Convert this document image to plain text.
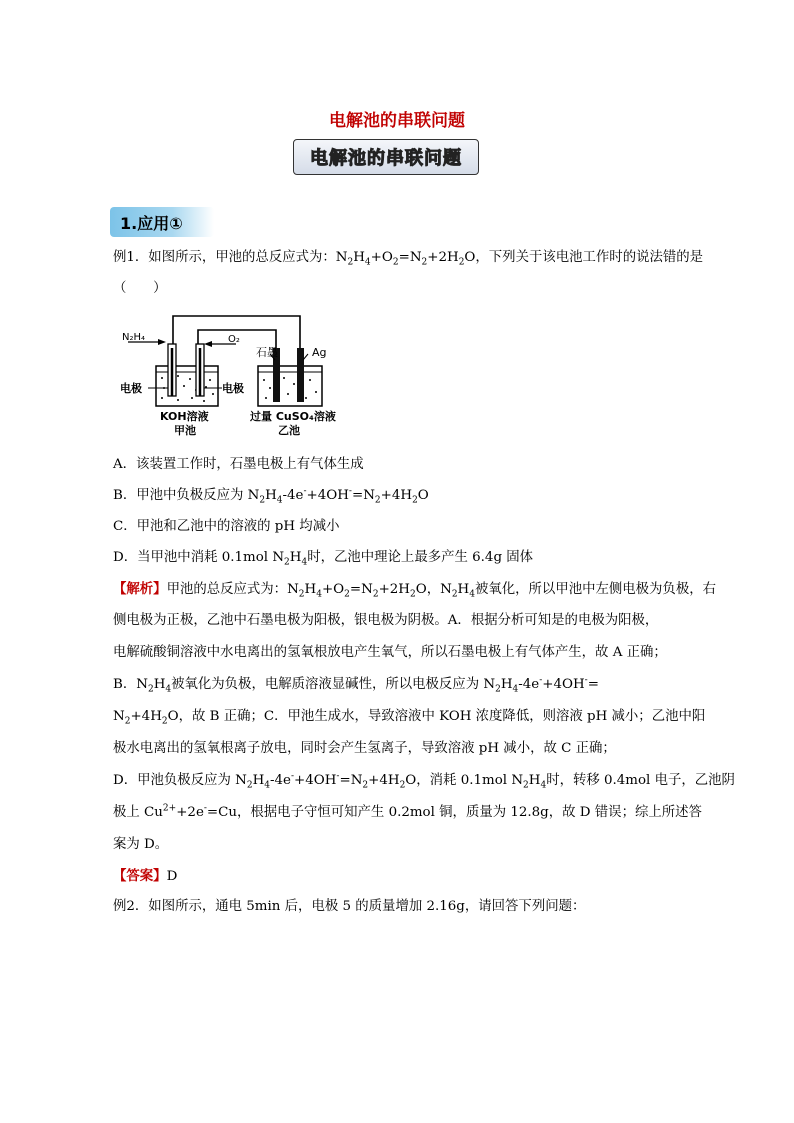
电解池的串联问题
电解池的串联问题
1.应用①
例1．如图所示，甲池的总反应式为：$N_2H_4+O_2=N_2+2H_2O$，下列关于该电池工作时的说法错的是
（　　）
N₂H₄	O₂
石墨	Ag
电极	电极
KOH溶液
甲池
过量 CuSO₄溶液
乙池
A．该装置工作时，石墨电极上有气体生成
B．甲池中负极反应为 $N_2H_4-4e^-+4OH^-=N_2+4H_2O$
C．甲池和乙池中的溶液的 pH 均减小
D．当甲池中消耗 0.1mol $N_2H_4$时，乙池中理论上最多产生 6.4g 固体
【解析】甲池的总反应式为：$N_2H_4+O_2=N_2+2H_2O$，$N_2H_4$被氧化，所以甲池中左侧电极为负极，右
侧电极为正极，乙池中石墨电极为阳极，银电极为阴极。A．根据分析可知是的电极为阳极，
电解硫酸铜溶液中水电离出的氢氧根放电产生氧气，所以石墨电极上有气体产生，故 A 正确；
B．$N_2H_4$被氧化为负极，电解质溶液显碱性，所以电极反应为 $N_2H_4-4e^-+4OH^-=$
$N_2+4H_2O$，故 B 正确；C．甲池生成水，导致溶液中 KOH 浓度降低，则溶液 pH 减小；乙池中阳
极水电离出的氢氧根离子放电，同时会产生氢离子，导致溶液 pH 减小，故 C 正确；
D．甲池负极反应为 $N_2H_4-4e^-+4OH^-=N_2+4H_2O$，消耗 0.1mol $N_2H_4$时，转移 0.4mol 电子，乙池阴
极上 $Cu^{2+}+2e^-=Cu$，根据电子守恒可知产生 0.2mol 铜，质量为 12.8g，故 D 错误；综上所述答
案为 D。
【答案】D
例2．如图所示，通电 5min 后，电极 5 的质量增加 2.16g，请回答下列问题：
